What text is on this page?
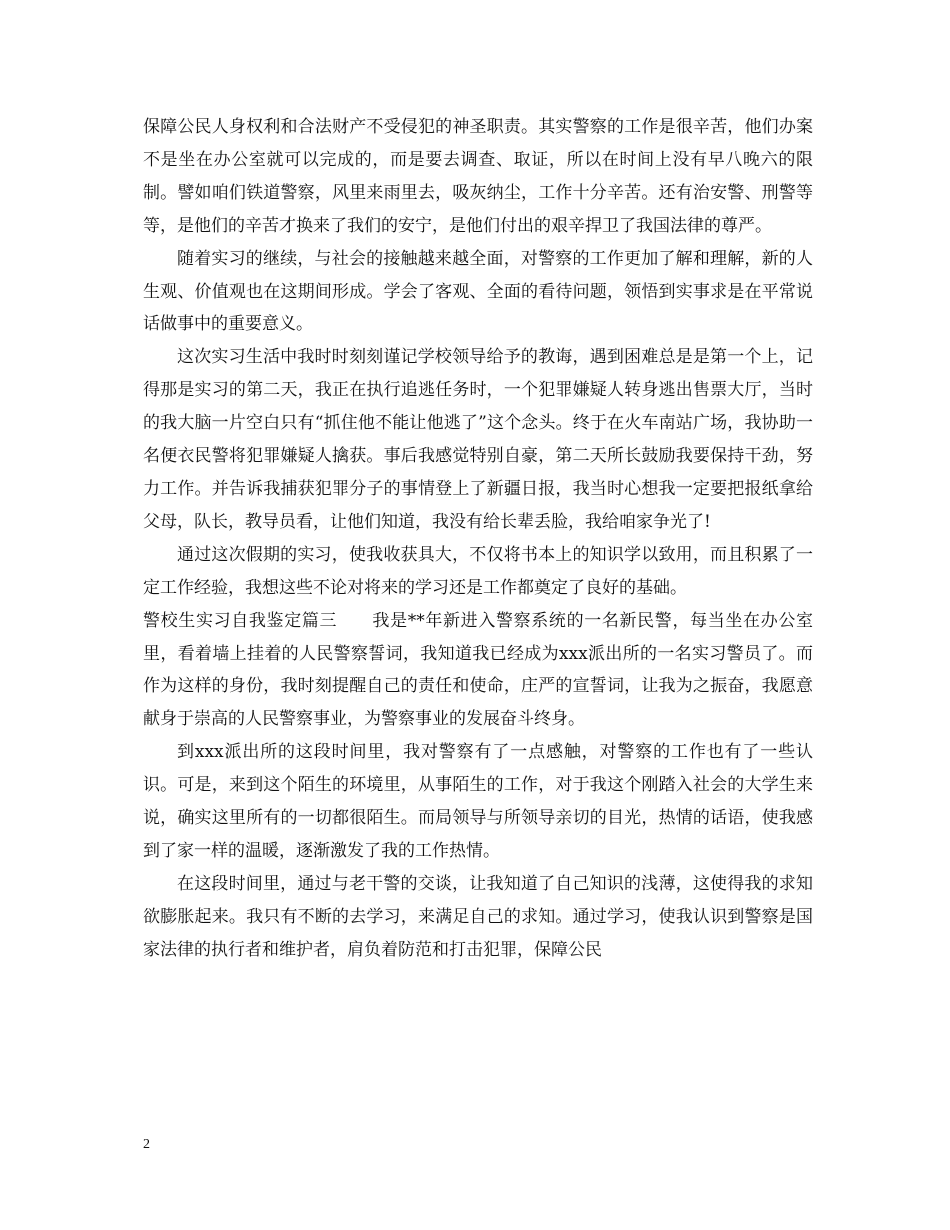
保障公民人身权利和合法财产不受侵犯的神圣职责。其实警察的工作是很辛苦，他们办案不是坐在办公室就可以完成的，而是要去调查、取证，所以在时间上没有早八晚六的限制。譬如咱们铁道警察，风里来雨里去，吸灰纳尘，工作十分辛苦。还有治安警、刑警等等，是他们的辛苦才换来了我们的安宁，是他们付出的艰辛捍卫了我国法律的尊严。

随着实习的继续，与社会的接触越来越全面，对警察的工作更加了解和理解，新的人生观、价值观也在这期间形成。学会了客观、全面的看待问题，领悟到实事求是在平常说话做事中的重要意义。

这次实习生活中我时时刻刻谨记学校领导给予的教诲，遇到困难总是是第一个上，记得那是实习的第二天，我正在执行追逃任务时，一个犯罪嫌疑人转身逃出售票大厅，当时的我大脑一片空白只有“抓住他不能让他逃了”这个念头。终于在火车南站广场，我协助一名便衣民警将犯罪嫌疑人擒获。事后我感觉特别自豪，第二天所长鼓励我要保持干劲，努力工作。并告诉我捕获犯罪分子的事情登上了新疆日报，我当时心想我一定要把报纸拿给父母，队长，教导员看，让他们知道，我没有给长辈丢脸，我给咱家争光了!

通过这次假期的实习，使我收获具大，不仅将书本上的知识学以致用，而且积累了一定工作经验，我想这些不论对将来的学习还是工作都奠定了良好的基础。

警校生实习自我鉴定篇三　　我是**年新进入警察系统的一名新民警，每当坐在办公室里，看着墙上挂着的人民警察誓词，我知道我已经成为xxx派出所的一名实习警员了。而作为这样的身份，我时刻提醒自己的责任和使命，庄严的宣誓词，让我为之振奋，我愿意献身于崇高的人民警察事业，为警察事业的发展奋斗终身。

到xxx派出所的这段时间里，我对警察有了一点感触，对警察的工作也有了一些认识。可是，来到这个陌生的环境里，从事陌生的工作，对于我这个刚踏入社会的大学生来说，确实这里所有的一切都很陌生。而局领导与所领导亲切的目光，热情的话语，使我感到了家一样的温暖，逐渐激发了我的工作热情。

在这段时间里，通过与老干警的交谈，让我知道了自己知识的浅薄，这使得我的求知欲膨胀起来。我只有不断的去学习，来满足自己的求知。通过学习，使我认识到警察是国家法律的执行者和维护者，肩负着防范和打击犯罪，保障公民

2
